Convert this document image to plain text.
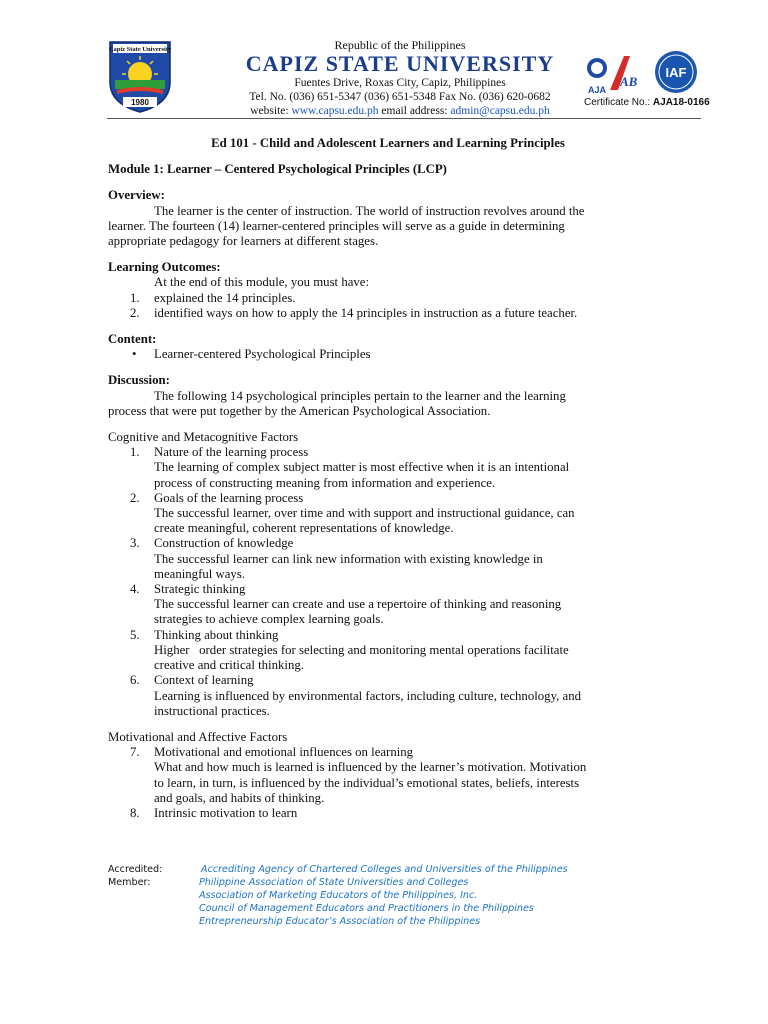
Capiz State University
1980
Republic of the Philippines
CAPIZ STATE UNIVERSITY
Fuentes Drive, Roxas City, Capiz, Philippines
Tel. No. (036) 651-5347 (036) 651-5348 Fax No. (036) 620-0682
website: www.capsu.edu.ph email address: admin@capsu.edu.ph
AJA
AB
IAF
Certificate No.: AJA18-0166
Ed 101 - Child and Adolescent Learners and Learning Principles
Module 1: Learner – Centered Psychological Principles (LCP)
Overview:
The learner is the center of instruction. The world of instruction revolves around the
learner. The fourteen (14) learner-centered principles will serve as a guide in determining
appropriate pedagogy for learners at different stages.
Learning Outcomes:
At the end of this module, you must have:
1. explained the 14 principles.
2. identified ways on how to apply the 14 principles in instruction as a future teacher.
Content:
• Learner-centered Psychological Principles
Discussion:
The following 14 psychological principles pertain to the learner and the learning
process that were put together by the American Psychological Association.
Cognitive and Metacognitive Factors
1. Nature of the learning process
The learning of complex subject matter is most effective when it is an intentional
process of constructing meaning from information and experience.
2. Goals of the learning process
The successful learner, over time and with support and instructional guidance, can
create meaningful, coherent representations of knowledge.
3. Construction of knowledge
The successful learner can link new information with existing knowledge in
meaningful ways.
4. Strategic thinking
The successful learner can create and use a repertoire of thinking and reasoning
strategies to achieve complex learning goals.
5. Thinking about thinking
Higher   order strategies for selecting and monitoring mental operations facilitate
creative and critical thinking.
6. Context of learning
Learning is influenced by environmental factors, including culture, technology, and
instructional practices.
Motivational and Affective Factors
7. Motivational and emotional influences on learning
What and how much is learned is influenced by the learner’s motivation. Motivation
to learn, in turn, is influenced by the individual’s emotional states, beliefs, interests
and goals, and habits of thinking.
8. Intrinsic motivation to learn
Accredited:	Accrediting Agency of Chartered Colleges and Universities of the Philippines
Member:	Philippine Association of State Universities and Colleges
Association of Marketing Educators of the Philippines, Inc.
Council of Management Educators and Practitioners in the Philippines
Entrepreneurship Educator’s Association of the Philippines
